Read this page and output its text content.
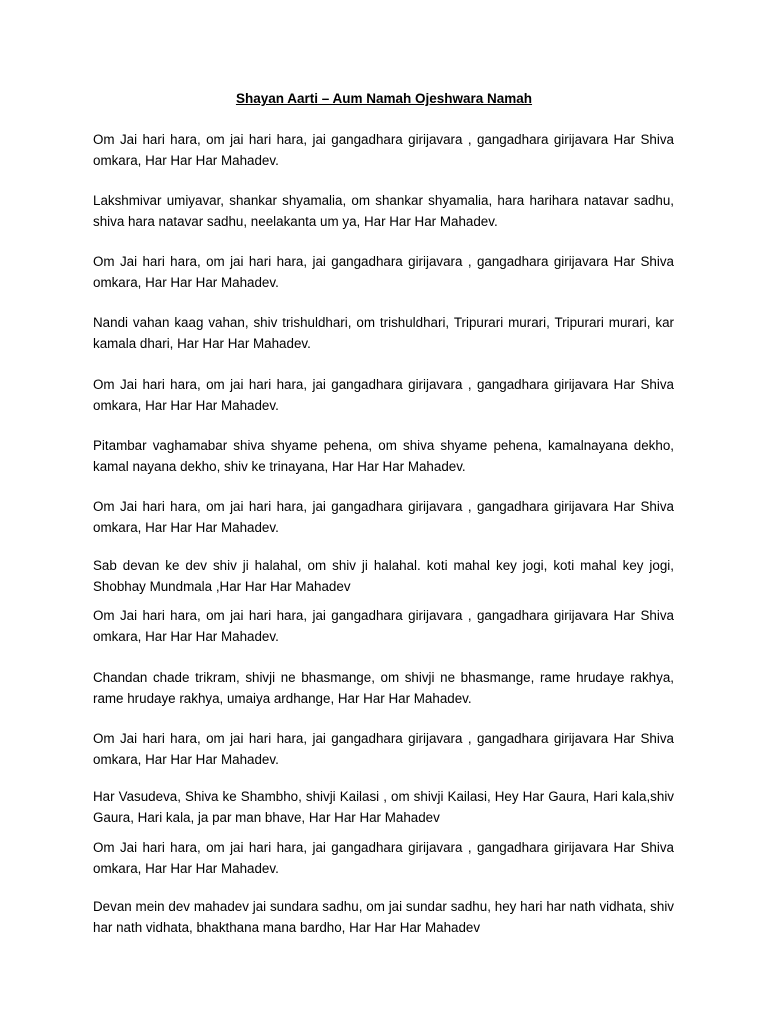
Shayan Aarti – Aum Namah Ojeshwara Namah

Om Jai hari hara, om jai hari hara, jai gangadhara girijavara , gangadhara girijavara Har Shiva omkara, Har Har Har Mahadev.

Lakshmivar umiyavar, shankar shyamalia, om shankar shyamalia, hara harihara natavar sadhu, shiva hara natavar sadhu, neelakanta um ya, Har Har Har Mahadev.

Om Jai hari hara, om jai hari hara, jai gangadhara girijavara , gangadhara girijavara Har Shiva omkara, Har Har Har Mahadev.

Nandi vahan kaag vahan, shiv trishuldhari, om trishuldhari, Tripurari murari, Tripurari murari, kar kamala dhari, Har Har Har Mahadev.

Om Jai hari hara, om jai hari hara, jai gangadhara girijavara , gangadhara girijavara Har Shiva omkara, Har Har Har Mahadev.

Pitambar vaghamabar shiva shyame pehena, om shiva shyame pehena, kamalnayana dekho, kamal nayana dekho, shiv ke trinayana, Har Har Har Mahadev.

Om Jai hari hara, om jai hari hara, jai gangadhara girijavara , gangadhara girijavara Har Shiva omkara, Har Har Har Mahadev.

Sab devan ke dev shiv ji halahal, om shiv ji halahal. koti mahal key jogi, koti mahal key jogi, Shobhay Mundmala ,Har Har Har Mahadev

Om Jai hari hara, om jai hari hara, jai gangadhara girijavara , gangadhara girijavara Har Shiva omkara, Har Har Har Mahadev.

Chandan chade trikram, shivji ne bhasmange, om shivji ne bhasmange, rame hrudaye rakhya, rame hrudaye rakhya, umaiya ardhange, Har Har Har Mahadev.

Om Jai hari hara, om jai hari hara, jai gangadhara girijavara , gangadhara girijavara Har Shiva omkara, Har Har Har Mahadev.

Har Vasudeva, Shiva ke Shambho, shivji Kailasi , om shivji Kailasi, Hey Har Gaura, Hari kala,shiv Gaura, Hari kala, ja par man bhave, Har Har Har Mahadev

Om Jai hari hara, om jai hari hara, jai gangadhara girijavara , gangadhara girijavara Har Shiva omkara, Har Har Har Mahadev.

Devan mein dev mahadev jai sundara sadhu, om jai sundar sadhu, hey hari har nath vidhata, shiv har nath vidhata, bhakthana mana bardho, Har Har Har Mahadev
